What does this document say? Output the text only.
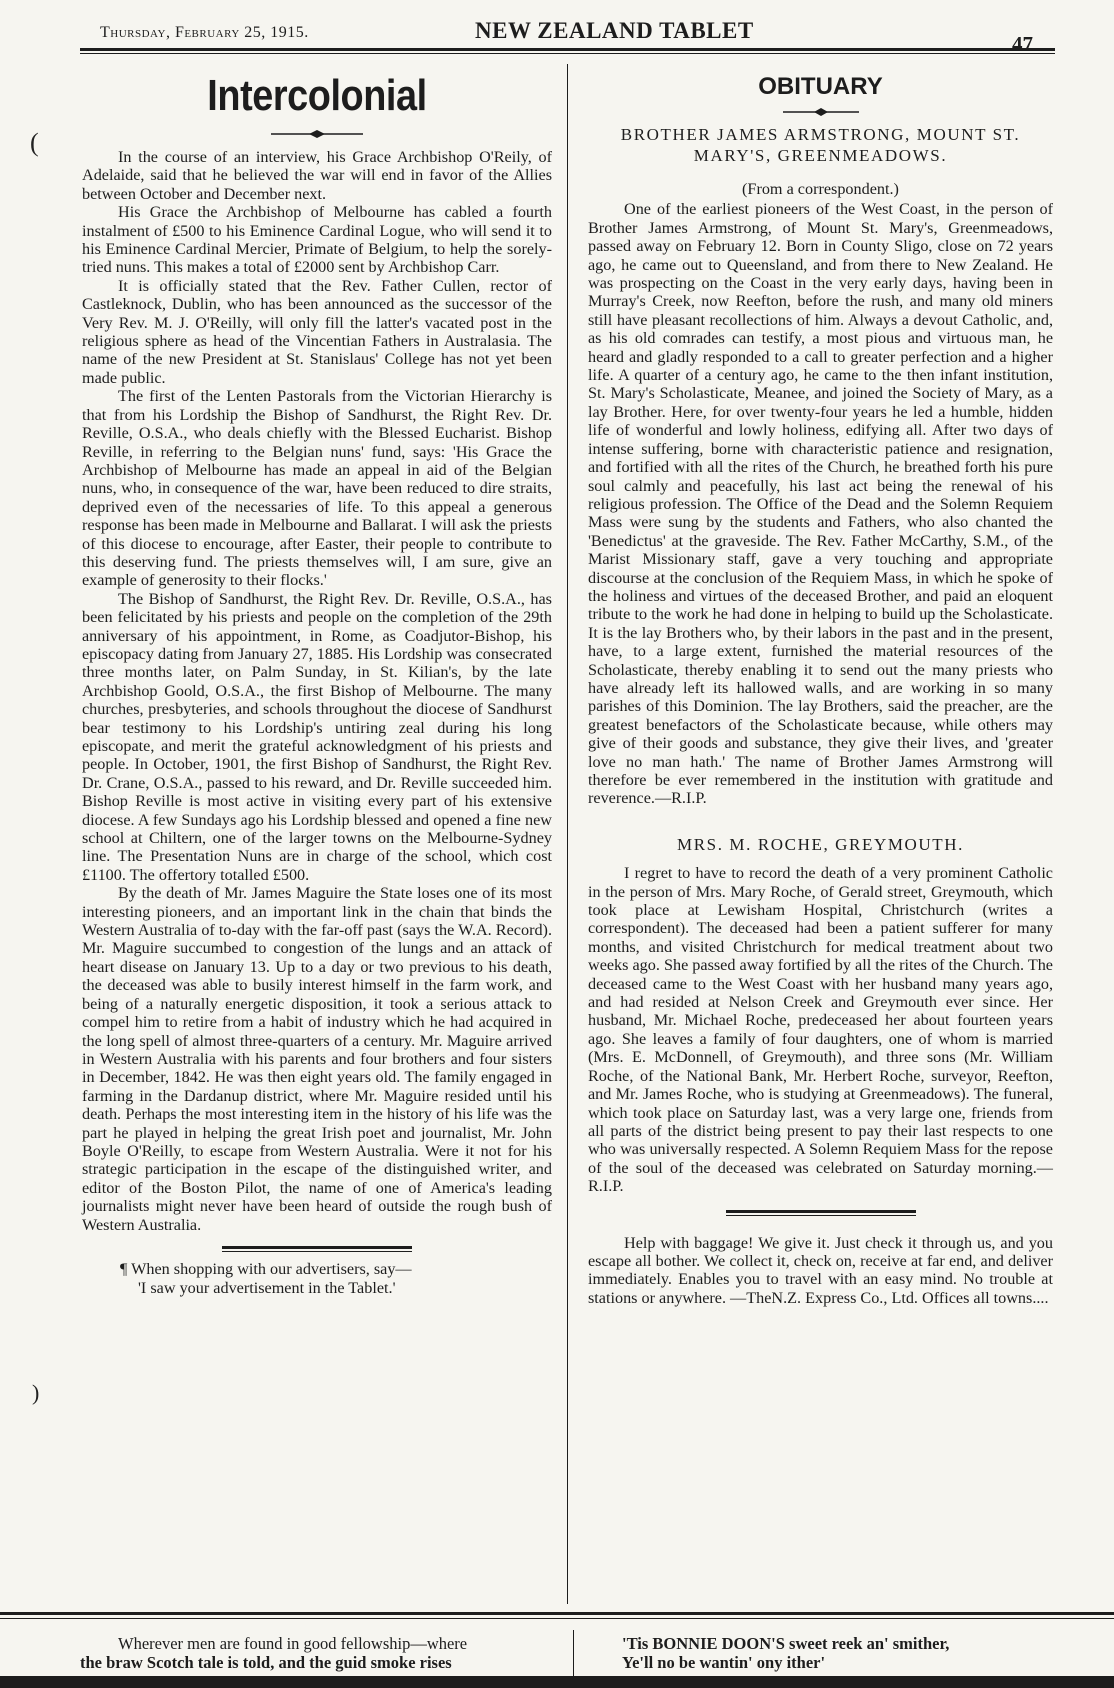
Thursday, February 25, 1915.	NEW ZEALAND TABLET
47
(
Intercolonial

In the course of an interview, his Grace Archbishop O'Reily, of Adelaide, said that he believed the war will end in favor of the Allies between October and December next.

His Grace the Archbishop of Melbourne has cabled a fourth instalment of £500 to his Eminence Cardinal Logue, who will send it to his Eminence Cardinal Mercier, Primate of Belgium, to help the sorely-tried nuns. This makes a total of £2000 sent by Archbishop Carr.

It is officially stated that the Rev. Father Cullen, rector of Castleknock, Dublin, who has been announced as the successor of the Very Rev. M. J. O'Reilly, will only fill the latter's vacated post in the religious sphere as head of the Vincentian Fathers in Australasia. The name of the new President at St. Stanislaus' College has not yet been made public.

The first of the Lenten Pastorals from the Victorian Hierarchy is that from his Lordship the Bishop of Sandhurst, the Right Rev. Dr. Reville, O.S.A., who deals chiefly with the Blessed Eucharist. Bishop Reville, in referring to the Belgian nuns' fund, says: 'His Grace the Archbishop of Melbourne has made an appeal in aid of the Belgian nuns, who, in consequence of the war, have been reduced to dire straits, deprived even of the necessaries of life. To this appeal a generous response has been made in Melbourne and Ballarat. I will ask the priests of this diocese to encourage, after Easter, their people to contribute to this deserving fund. The priests themselves will, I am sure, give an example of generosity to their flocks.'

The Bishop of Sandhurst, the Right Rev. Dr. Reville, O.S.A., has been felicitated by his priests and people on the completion of the 29th anniversary of his appointment, in Rome, as Coadjutor-Bishop, his episcopacy dating from January 27, 1885. His Lordship was consecrated three months later, on Palm Sunday, in St. Kilian's, by the late Archbishop Goold, O.S.A., the first Bishop of Melbourne. The many churches, presbyteries, and schools throughout the diocese of Sandhurst bear testimony to his Lordship's untiring zeal during his long episcopate, and merit the grateful acknowledgment of his priests and people. In October, 1901, the first Bishop of Sandhurst, the Right Rev. Dr. Crane, O.S.A., passed to his reward, and Dr. Reville succeeded him. Bishop Reville is most active in visiting every part of his extensive diocese. A few Sundays ago his Lordship blessed and opened a fine new school at Chiltern, one of the larger towns on the Melbourne-Sydney line. The Presentation Nuns are in charge of the school, which cost £1100. The offertory totalled £500.

By the death of Mr. James Maguire the State loses one of its most interesting pioneers, and an important link in the chain that binds the Western Australia of to-day with the far-off past (says the W.A. Record). Mr. Maguire succumbed to congestion of the lungs and an attack of heart disease on January 13. Up to a day or two previous to his death, the deceased was able to busily interest himself in the farm work, and being of a naturally energetic disposition, it took a serious attack to compel him to retire from a habit of industry which he had acquired in the long spell of almost three-quarters of a century. Mr. Maguire arrived in Western Australia with his parents and four brothers and four sisters in December, 1842. He was then eight years old. The family engaged in farming in the Dardanup district, where Mr. Maguire resided until his death. Perhaps the most interesting item in the history of his life was the part he played in helping the great Irish poet and journalist, Mr. John Boyle O'Reilly, to escape from Western Australia. Were it not for his strategic participation in the escape of the distinguished writer, and editor of the Boston Pilot, the name of one of America's leading journalists might never have been heard of outside the rough bush of Western Australia.

¶ When shopping with our advertisers, say—
'I saw your advertisement in the Tablet.'

OBITUARY

BROTHER JAMES ARMSTRONG, MOUNT ST. MARY'S, GREENMEADOWS.

(From a correspondent.)

One of the earliest pioneers of the West Coast, in the person of Brother James Armstrong, of Mount St. Mary's, Greenmeadows, passed away on February 12. Born in County Sligo, close on 72 years ago, he came out to Queensland, and from there to New Zealand. He was prospecting on the Coast in the very early days, having been in Murray's Creek, now Reefton, before the rush, and many old miners still have pleasant recollections of him. Always a devout Catholic, and, as his old comrades can testify, a most pious and virtuous man, he heard and gladly responded to a call to greater perfection and a higher life. A quarter of a century ago, he came to the then infant institution, St. Mary's Scholasticate, Meanee, and joined the Society of Mary, as a lay Brother. Here, for over twenty-four years he led a humble, hidden life of wonderful and lowly holiness, edifying all. After two days of intense suffering, borne with characteristic patience and resignation, and fortified with all the rites of the Church, he breathed forth his pure soul calmly and peacefully, his last act being the renewal of his religious profession. The Office of the Dead and the Solemn Requiem Mass were sung by the students and Fathers, who also chanted the 'Benedictus' at the graveside. The Rev. Father McCarthy, S.M., of the Marist Missionary staff, gave a very touching and appropriate discourse at the conclusion of the Requiem Mass, in which he spoke of the holiness and virtues of the deceased Brother, and paid an eloquent tribute to the work he had done in helping to build up the Scholasticate. It is the lay Brothers who, by their labors in the past and in the present, have, to a large extent, furnished the material resources of the Scholasticate, thereby enabling it to send out the many priests who have already left its hallowed walls, and are working in so many parishes of this Dominion. The lay Brothers, said the preacher, are the greatest benefactors of the Scholasticate because, while others may give of their goods and substance, they give their lives, and 'greater love no man hath.' The name of Brother James Armstrong will therefore be ever remembered in the institution with gratitude and reverence.—R.I.P.

MRS. M. ROCHE, GREYMOUTH.

I regret to have to record the death of a very prominent Catholic in the person of Mrs. Mary Roche, of Gerald street, Greymouth, which took place at Lewisham Hospital, Christchurch (writes a correspondent). The deceased had been a patient sufferer for many months, and visited Christchurch for medical treatment about two weeks ago. She passed away fortified by all the rites of the Church. The deceased came to the West Coast with her husband many years ago, and had resided at Nelson Creek and Greymouth ever since. Her husband, Mr. Michael Roche, predeceased her about fourteen years ago. She leaves a family of four daughters, one of whom is married (Mrs. E. McDonnell, of Greymouth), and three sons (Mr. William Roche, of the National Bank, Mr. Herbert Roche, surveyor, Reefton, and Mr. James Roche, who is studying at Greenmeadows). The funeral, which took place on Saturday last, was a very large one, friends from all parts of the district being present to pay their last respects to one who was universally respected. A Solemn Requiem Mass for the repose of the soul of the deceased was celebrated on Saturday morning.—R.I.P.

Help with baggage! We give it. Just check it through us, and you escape all bother. We collect it, check on, receive at far end, and deliver immediately. Enables you to travel with an easy mind. No trouble at stations or anywhere. —TheN.Z. Express Co., Ltd. Offices all towns....

)
Wherever men are found in good fellowship—where
the braw Scotch tale is told, and the guid smoke rises
'Tis BONNIE DOON'S sweet reek an' smither,
Ye'll no be wantin' ony ither'
